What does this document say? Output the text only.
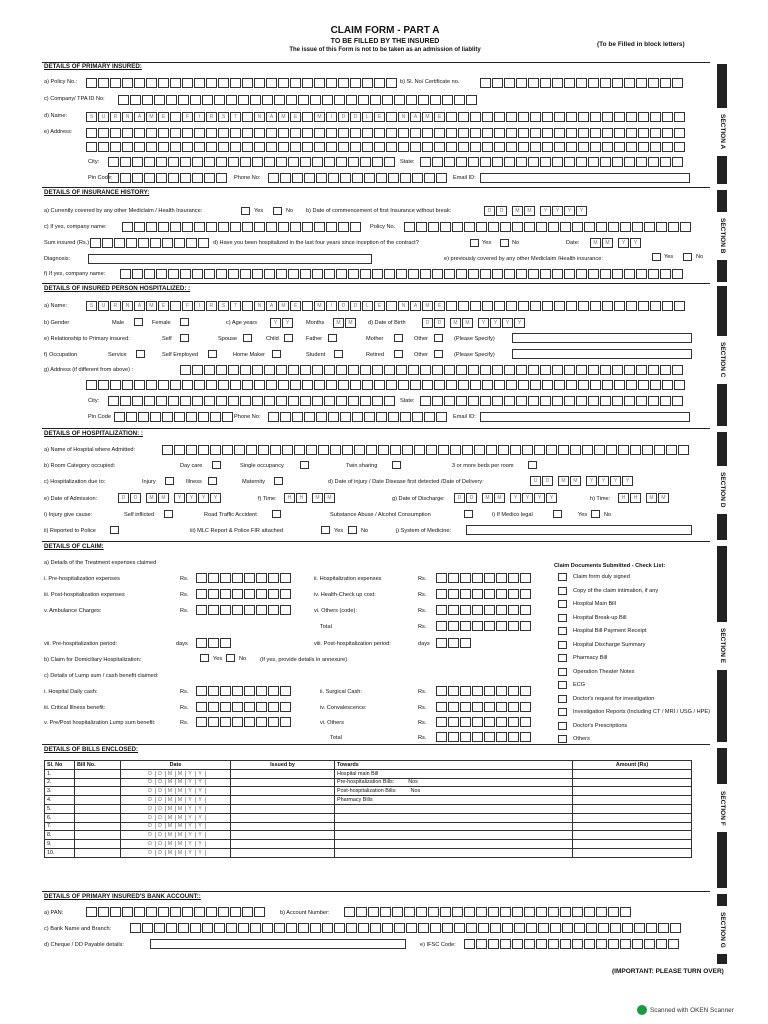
CLAIM FORM - PART A
TO BE FILLED BY THE INSURED
The issue of this Form is not to be taken as an admission of liablity
(To be Filled in block letters)
DETAILS OF PRIMARY INSURED:
a) Policy No.:	b) Sl. No/ Certificate no.
c) Company/ TPA ID No:
d) Name:	S	U	R	N	A	M	E	F	I	R	S	T	N	A	M	E	M	I	D	D	L	E	N	A	M	E
e) Address:
City:	State:
Pin Code:	Phone No:	Email ID:
DETAILS OF INSURANCE HISTORY:
a) Currently covered by any other Mediclaim / Health Insurance:	Yes	No b) Date of commencement of first Insurance without break:	D	D	M	M	Y	Y	Y	Y
c) If yes, company name:	Policy No.
Sum insured (Rs.)	d) Have you been hospitalized in the last four years since inception of the contract?	Yes	No	Date:	M	M	Y	Y
Diagnosis:	e) previously covered by any other Mediclaim /Health insurance:	Yes	No
f) If yes, company name:
DETAILS OF INSURED PERSON HOSPITALIZED: :
a) Name:	S	U	R	N	A	M	E	F	I	R	S	T	N	A	M	E	M	I	D	D	L	E	N	A	M	E
b) Gender	Male	Female	c) Age years	Y	Y	Months	M	M	d) Date of Birth	D	D	M	M	Y	Y	Y	Y
e) Relationship to Primary insured:	Self	Spouse	Child	Father	Mother	Other	(Please Specify)
f) Occupation	Service	Self Employed	Home Maker	Student	Retired	Other	(Please Specify)
g) Address (if different from above) :
City:	State:
Pin Code	Phone No:	Email ID:
DETAILS OF HOSPITALIZATION: :
a) Name of Hospital where Admitted:
b) Room Category occupied:	Day care	Single occupancy	Twin sharing	3 or more beds per room
c) Hospitalization due to:	Injury	Illness	Maternity	d) Date of injury / Date Disease first detected /Date of Delivery:	D	D	M	M	Y	Y	Y	Y
e) Date of Admission:	D	D	M	M	Y	Y	Y	Y	f) Time:	H	H	M	M	g) Date of Discharge:	D	D	M	M	Y	Y	Y	Y	h) Time:	H	H	M	M
i) Injury give cause:	Self inflicted	Road Traffic Accident	Substance Abuse / Alcohol Consumption	i) If Medico legal	Yes	No
ii) Reported to Police	iii) MLC Report & Police FIR attached	Yes	No	j) System of Medicine:
DETAILS OF CLAIM:
a) Details of the Treatment expenses claimed
i. Pre-hospitalization expenses	Rs.	ii. Hospitalization expenses	Rs.
iii. Post-hospitalization expenses	Rs.	iv. Health-Check up cost:	Rs.
v. Ambulance Charges:	Rs.	vi. Others (code):	Rs.
Total	Rs.
vii. Pre-hospitalization period:	days	viii. Post-hospitalization period:	days
b) Claim for Domiciliary Hospitalization:	Yes	No (If yes, provide details in annexure)
c) Details of Lump sum / cash benefit claimed:
i. Hospital Daily cash:	Rs.	ii. Surgical Cash:	Rs.
iii. Critical Illness benefit:	Rs.	iv. Convalescence:	Rs.
v. Pre/Post hospitalization Lump sum benefit:	Rs.	vi. Others	Rs.
Total	Rs.
Claim Documents Submitted - Check List:
Claim form duly signed
Copy of the claim intimation, if any
Hospital Main Bill
Hospital Break-up Bill
Hospital Bill Payment Receipt
Hospital Discharge Summary
Pharmacy Bill
Operation Theater Notes
ECG
Doctor's request for investigation
Investigation Reports (Including CT / MRI / USG / HPE)
Doctor's Prescriptions
Others
DETAILS OF BILLS ENCLOSED:
Sl. No	Bill No.	Date	Issued by	Towards	Amount (Rs)
1.		D D M M Y Y		Hospital main Bill	
2.		D D M M Y Y		Pre-hospitalization Bills: Nos	
3.		D D M M Y Y		Post-hospitalization Bills: Nos	
4.		D D M M Y Y		Pharmacy Bills	
5.		D D M M Y Y			
6.		D D M M Y Y			
7.		D D M M Y Y			
8.		D D M M Y Y			
9.		D D M M Y Y			
10.		D D M M Y Y			
DETAILS OF PRIMARY INSURED'S BANK ACCOUNT::
a) PAN:	b) Account Number:
c) Bank Name and Branch:
d) Cheque / DD Payable details:	e) IFSC Code:
(IMPORTANT: PLEASE TURN OVER)
SECTION A
SECTION B
SECTION C
SECTION D
SECTION E
SECTION F
SECTION G
Scanned with OKEN Scanner
